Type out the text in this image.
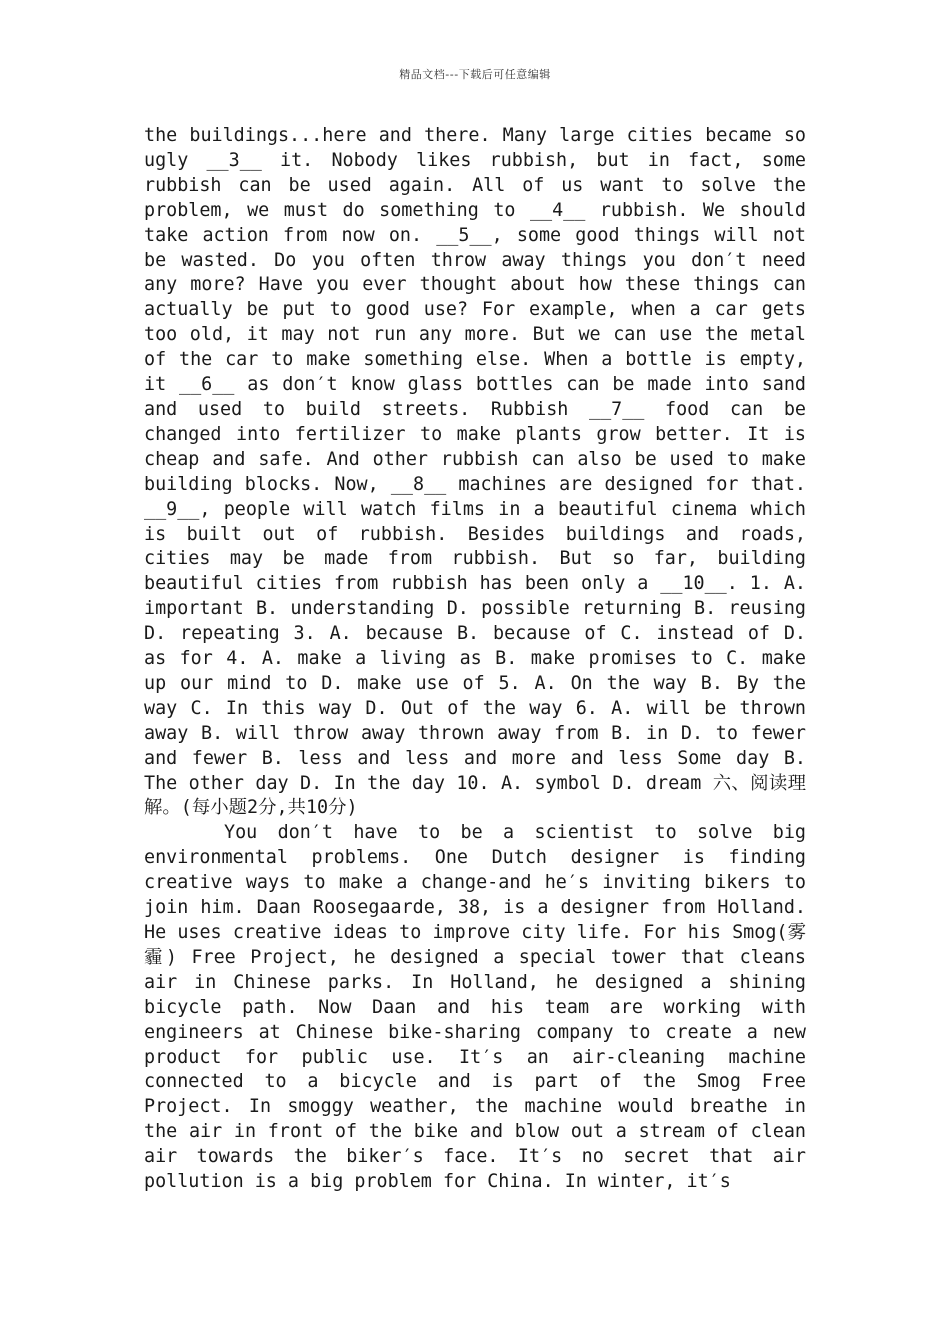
精品文档---下载后可任意编辑

the buildings...here and there. Many large cities became so ugly __3__ it. Nobody likes rubbish, but in fact, some rubbish can be used again. All of us want to solve the problem, we must do something to __4__ rubbish. We should take action from now on. __5__, some good things will not be wasted. Do you often throw away things you don′t need any more? Have you ever thought about how these things can actually be put to good use? For example, when a car gets too old, it may not run any more. But we can use the metal of the car to make something else. When a bottle is empty, it __6__ as don′t know glass bottles can be made into sand and used to build streets. Rubbish __7__ food can be changed into fertilizer to make plants grow better. It is cheap and safe. And other rubbish can also be used to make building blocks. Now, __8__ machines are designed for that. __9__, people will watch films in a beautiful cinema which is built out of rubbish. Besides buildings and roads, cities may be made from rubbish. But so far, building beautiful cities from rubbish has been only a __10__. 1. A. important B. understanding D. possible returning B. reusing D. repeating 3. A. because B. because of C. instead of D. as for 4. A. make a living as B. make promises to C. make up our mind to D. make use of 5. A. On the way B. By the way C. In this way D. Out of the way 6. A. will be thrown away B. will throw away thrown away from B. in D. to fewer and fewer B. less and less and more and less Some day B. The other day D. In the day 10. A. symbol D. dream 六、阅读理解。(每小题2分,共10分)

You don′t have to be a scientist to solve big environmental problems. One Dutch designer is finding creative ways to make a change-and he′s inviting bikers to join him. Daan Roosegaarde, 38, is a designer from Holland. He uses creative ideas to improve city life. For his Smog(雾霾) Free Project, he designed a special tower that cleans air in Chinese parks. In Holland, he designed a shining bicycle path. Now Daan and his team are working with engineers at Chinese bike-sharing company to create a new product for public use. It′s an air-cleaning machine connected to a bicycle and is part of the Smog Free Project. In smoggy weather, the machine would breathe in the air in front of the bike and blow out a stream of clean air towards the biker′s face. It′s no secret that air pollution is a big problem for China. In winter, it′s
